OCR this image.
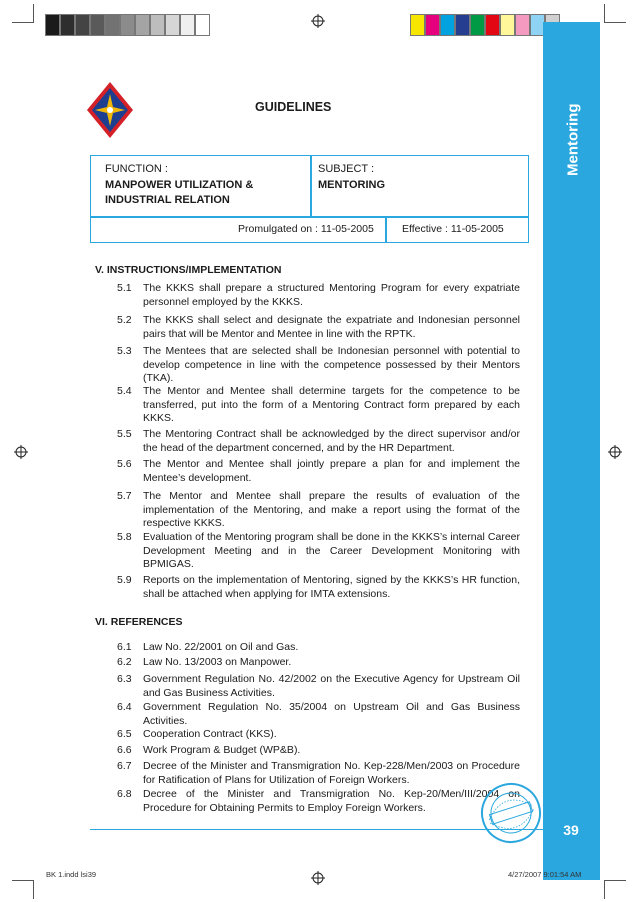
Mentoring
39
GUIDELINES
FUNCTION :
MANPOWER UTILIZATION &
INDUSTRIAL RELATION
SUBJECT :
MENTORING
Promulgated on : 11-05-2005	Effective : 11-05-2005
V. INSTRUCTIONS/IMPLEMENTATION
5.1	The KKKS shall prepare a structured Mentoring Program for every expatriate personnel employed by the KKKS.
5.2	The KKKS shall select and designate the expatriate and Indonesian personnel pairs that will be Mentor and Mentee in line with the RPTK.
5.3	The Mentees that are selected shall be Indonesian personnel with potential to develop competence in line with the competence possessed by their Mentors (TKA).
5.4	The Mentor and Mentee shall determine targets for the competence to be transferred, put into the form of a Mentoring Contract form prepared by each KKKS.
5.5	The Mentoring Contract shall be acknowledged by the direct supervisor and/or the head of the department concerned, and by the HR Department.
5.6	The Mentor and Mentee shall jointly prepare a plan for and implement the Mentee’s development.
5.7	The Mentor and Mentee shall prepare the results of evaluation of the implementation of the Mentoring, and make a report using the format of the respective KKKS.
5.8	Evaluation of the Mentoring program shall be done in the KKKS’s internal Career Development Meeting and in the Career Development Monitoring with BPMIGAS.
5.9	Reports on the implementation of Mentoring, signed by the KKKS’s HR function, shall be attached when applying for IMTA extensions.
VI. REFERENCES
6.1	Law No. 22/2001 on Oil and Gas.
6.2	Law No. 13/2003 on Manpower.
6.3	Government Regulation No. 42/2002 on the Executive Agency for Upstream Oil and Gas Business Activities.
6.4	Government Regulation No. 35/2004 on Upstream Oil and Gas Business Activities.
6.5	Cooperation Contract (KKS).
6.6	Work Program & Budget (WP&B).
6.7	Decree of the Minister and Transmigration No. Kep-228/Men/2003 on Procedure for Ratification of Plans for Utilization of Foreign Workers.
6.8	Decree of the Minister and Transmigration No. Kep-20/Men/III/2004 on Procedure for Obtaining Permits to Employ Foreign Workers.
BK 1.indd lsi39	4/27/2007 9:01:54 AM
